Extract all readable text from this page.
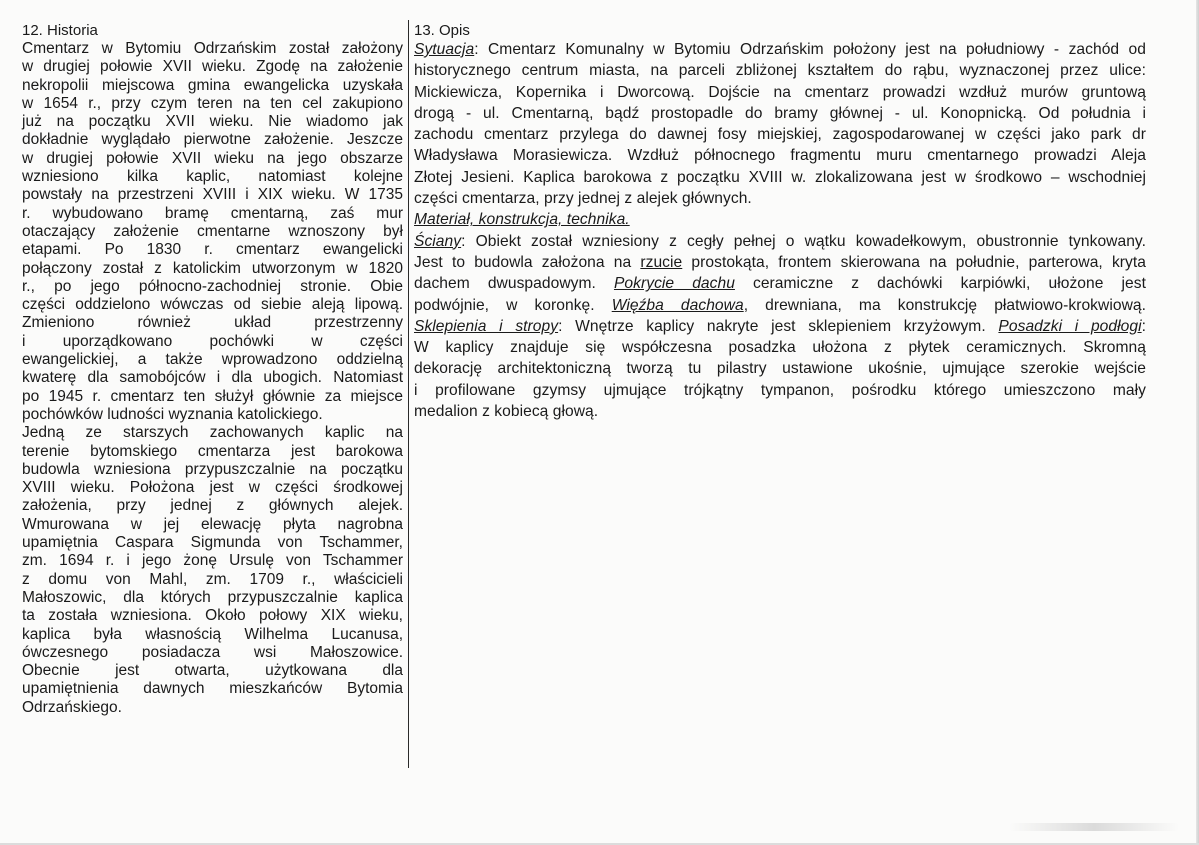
12. Historia
Cmentarz w Bytomiu Odrzańskim został założony
w drugiej połowie XVII wieku. Zgodę na założenie
nekropolii miejscowa gmina ewangelicka uzyskała
w 1654 r., przy czym teren na ten cel zakupiono
już na początku XVII wieku. Nie wiadomo jak
dokładnie wyglądało pierwotne założenie. Jeszcze
w drugiej połowie XVII wieku na jego obszarze
wzniesiono kilka kaplic, natomiast kolejne
powstały na przestrzeni XVIII i XIX wieku. W 1735
r. wybudowano bramę cmentarną, zaś mur
otaczający założenie cmentarne wznoszony był
etapami. Po 1830 r. cmentarz ewangelicki
połączony został z katolickim utworzonym w 1820
r., po jego północno-zachodniej stronie. Obie
części oddzielono wówczas od siebie aleją lipową.
Zmieniono również układ przestrzenny
i uporządkowano pochówki w części
ewangelickiej, a także wprowadzono oddzielną
kwaterę dla samobójców i dla ubogich. Natomiast
po 1945 r. cmentarz ten służył głównie za miejsce
pochówków ludności wyznania katolickiego.
Jedną ze starszych zachowanych kaplic na
terenie bytomskiego cmentarza jest barokowa
budowla wzniesiona przypuszczalnie na początku
XVIII wieku. Położona jest w części środkowej
założenia, przy jednej z głównych alejek.
Wmurowana w jej elewację płyta nagrobna
upamiętnia Caspara Sigmunda von Tschammer,
zm. 1694 r. i jego żonę Ursulę von Tschammer
z domu von Mahl, zm. 1709 r., właścicieli
Małoszowic, dla których przypuszczalnie kaplica
ta została wzniesiona. Około połowy XIX wieku,
kaplica była własnością Wilhelma Lucanusa,
ówczesnego posiadacza wsi Małoszowice.
Obecnie jest otwarta, użytkowana dla
upamiętnienia dawnych mieszkańców Bytomia
Odrzańskiego.
13. Opis
Sytuacja: Cmentarz Komunalny w Bytomiu Odrzańskim położony jest na południowy - zachód od
historycznego centrum miasta, na parceli zbliżonej kształtem do rąbu, wyznaczonej przez ulice:
Mickiewicza, Kopernika i Dworcową. Dojście na cmentarz prowadzi wzdłuż murów gruntową
drogą - ul. Cmentarną, bądź prostopadle do bramy głównej - ul. Konopnicką. Od południa i
zachodu cmentarz przylega do dawnej fosy miejskiej, zagospodarowanej w części jako park dr
Władysława Morasiewicza. Wzdłuż północnego fragmentu muru cmentarnego prowadzi Aleja
Złotej Jesieni. Kaplica barokowa z początku XVIII w. zlokalizowana jest w środkowo – wschodniej
części cmentarza, przy jednej z alejek głównych.
Materiał, konstrukcja, technika.
Ściany: Obiekt został wzniesiony z cegły pełnej o wątku kowadełkowym, obustronnie tynkowany.
Jest to budowla założona na rzucie prostokąta, frontem skierowana na południe, parterowa, kryta
dachem dwuspadowym. Pokrycie dachu ceramiczne z dachówki karpiówki, ułożone jest
podwójnie, w koronkę. Więźba dachowa, drewniana, ma konstrukcję płatwiowo-krokwiową.
Sklepienia i stropy: Wnętrze kaplicy nakryte jest sklepieniem krzyżowym. Posadzki i podłogi:
W kaplicy znajduje się współczesna posadzka ułożona z płytek ceramicznych. Skromną
dekorację architektoniczną tworzą tu pilastry ustawione ukośnie, ujmujące szerokie wejście
i profilowane gzymsy ujmujące trójkątny tympanon, pośrodku którego umieszczono mały
medalion z kobiecą głową.
